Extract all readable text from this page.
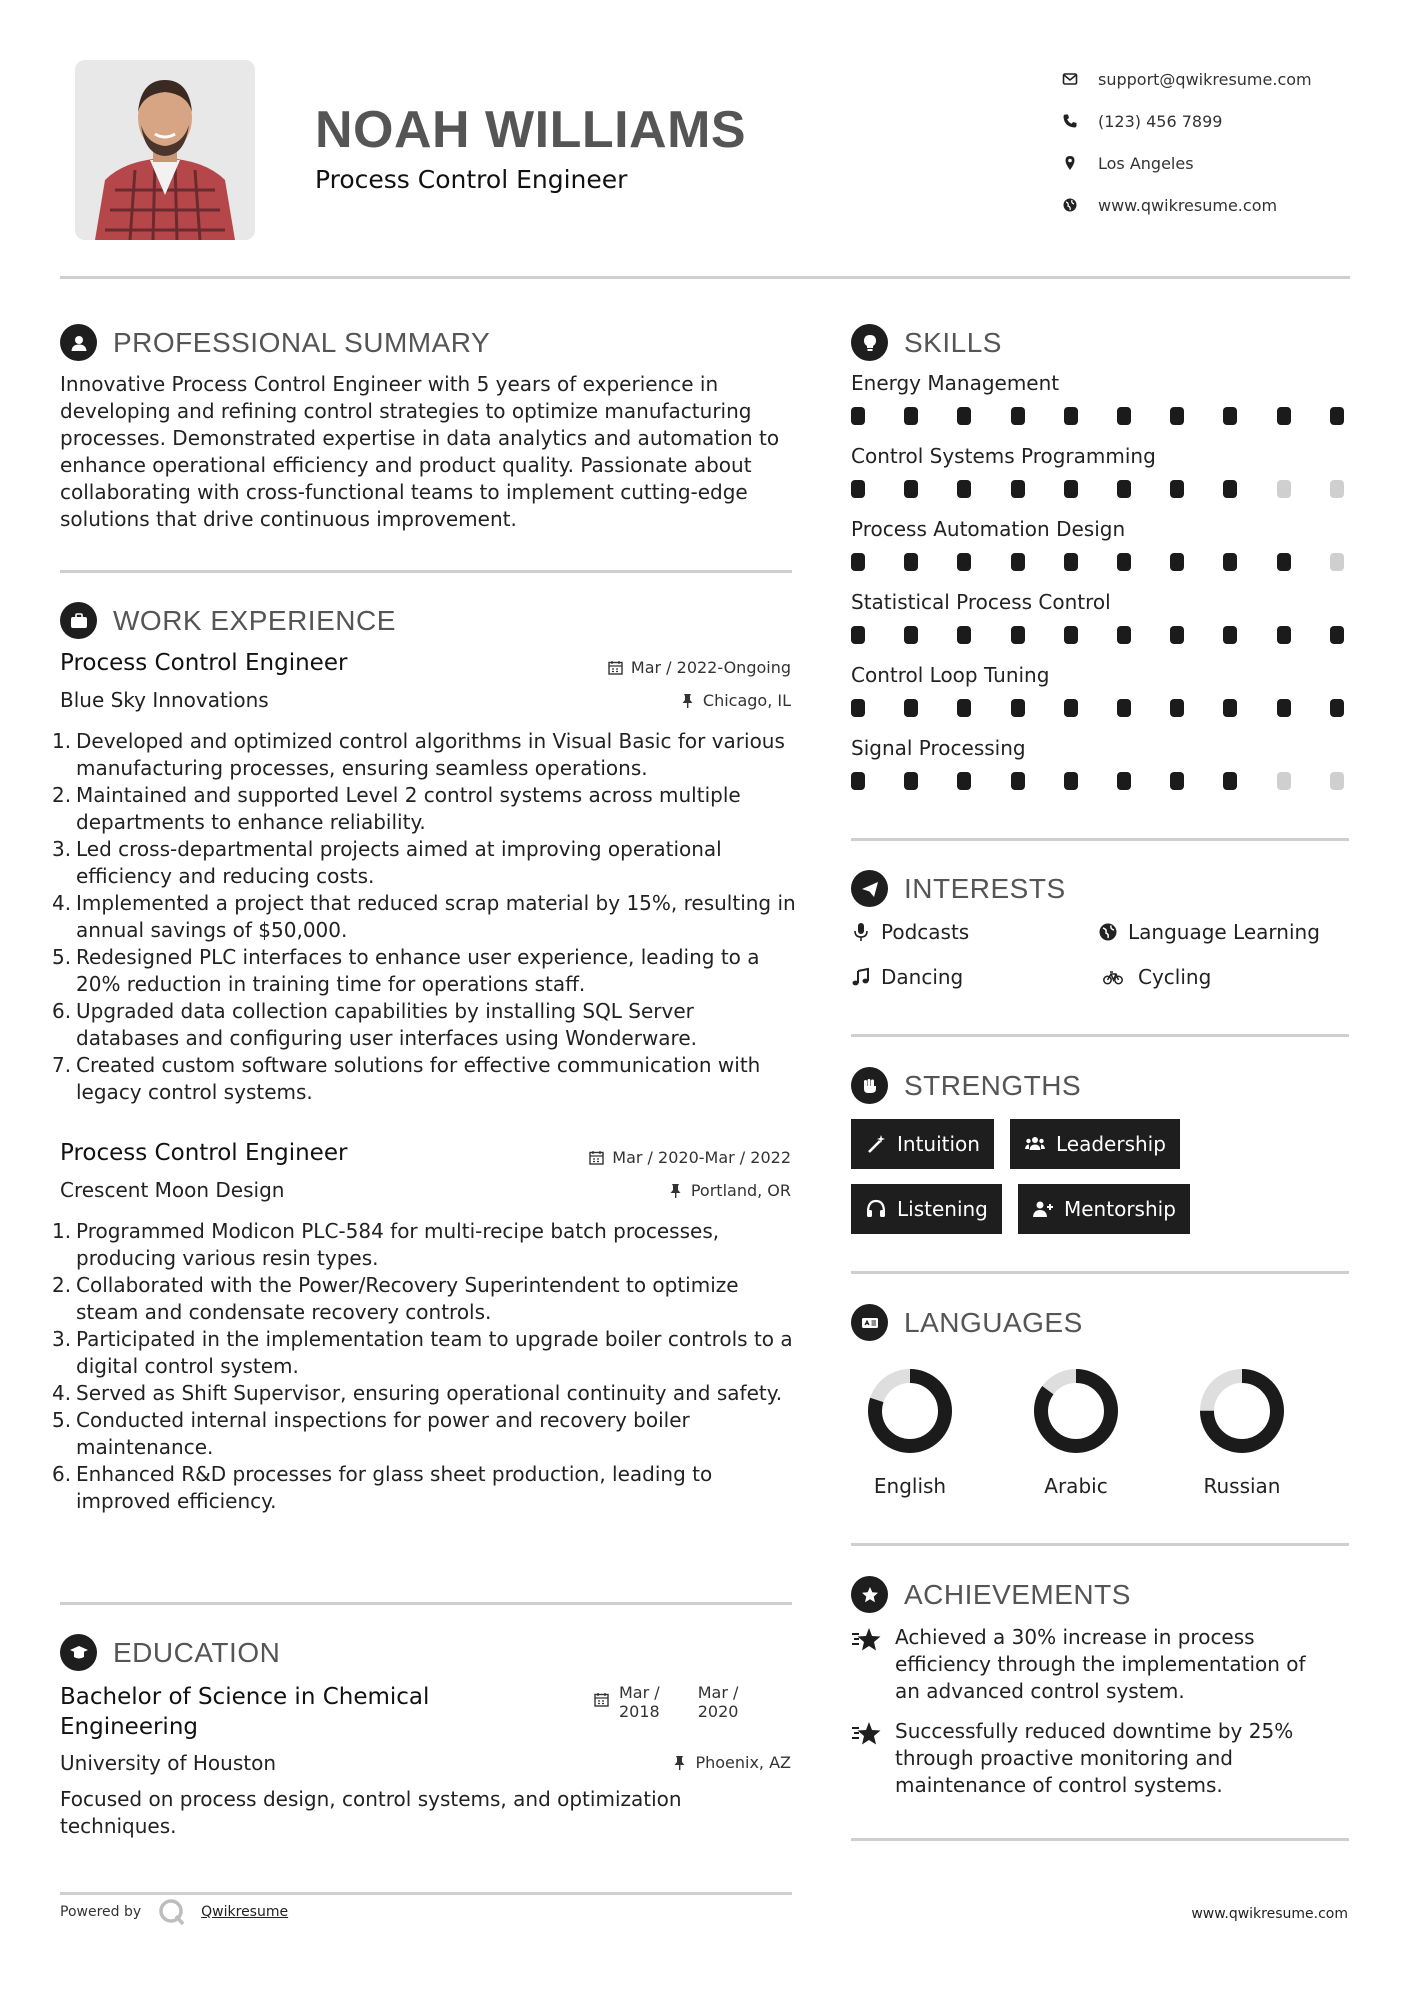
NOAH WILLIAMS
Process Control Engineer
support@qwikresume.com
(123) 456 7899
Los Angeles
www.qwikresume.com
PROFESSIONAL SUMMARY
Innovative Process Control Engineer with 5 years of experience in developing and refining control strategies to optimize manufacturing processes. Demonstrated expertise in data analytics and automation to enhance operational efficiency and product quality. Passionate about collaborating with cross-functional teams to implement cutting-edge solutions that drive continuous improvement.
WORK EXPERIENCE
Process Control Engineer	Mar / 2022-Ongoing
Blue Sky Innovations	Chicago, IL
1. Developed and optimized control algorithms in Visual Basic for various manufacturing processes, ensuring seamless operations.
2. Maintained and supported Level 2 control systems across multiple departments to enhance reliability.
3. Led cross-departmental projects aimed at improving operational efficiency and reducing costs.
4. Implemented a project that reduced scrap material by 15%, resulting in annual savings of $50,000.
5. Redesigned PLC interfaces to enhance user experience, leading to a 20% reduction in training time for operations staff.
6. Upgraded data collection capabilities by installing SQL Server databases and configuring user interfaces using Wonderware.
7. Created custom software solutions for effective communication with legacy control systems.
Process Control Engineer	Mar / 2020-Mar / 2022
Crescent Moon Design	Portland, OR
1. Programmed Modicon PLC-584 for multi-recipe batch processes, producing various resin types.
2. Collaborated with the Power/Recovery Superintendent to optimize steam and condensate recovery controls.
3. Participated in the implementation team to upgrade boiler controls to a digital control system.
4. Served as Shift Supervisor, ensuring operational continuity and safety.
5. Conducted internal inspections for power and recovery boiler maintenance.
6. Enhanced R&D processes for glass sheet production, leading to improved efficiency.
EDUCATION
Bachelor of Science in Chemical
Engineering
Mar /
2018
Mar /
2020
University of Houston	Phoenix, AZ
Focused on process design, control systems, and optimization techniques.
SKILLS
Energy Management
Control Systems Programming
Process Automation Design
Statistical Process Control
Control Loop Tuning
Signal Processing
INTERESTS
Podcasts	Language Learning
Dancing	Cycling
STRENGTHS
Intuition	Leadership
Listening	Mentorship
LANGUAGES
English	Arabic	Russian
ACHIEVEMENTS
Achieved a 30% increase in process efficiency through the implementation of an advanced control system.
Successfully reduced downtime by 25% through proactive monitoring and maintenance of control systems.
Powered by	Qwikresume	www.qwikresume.com
